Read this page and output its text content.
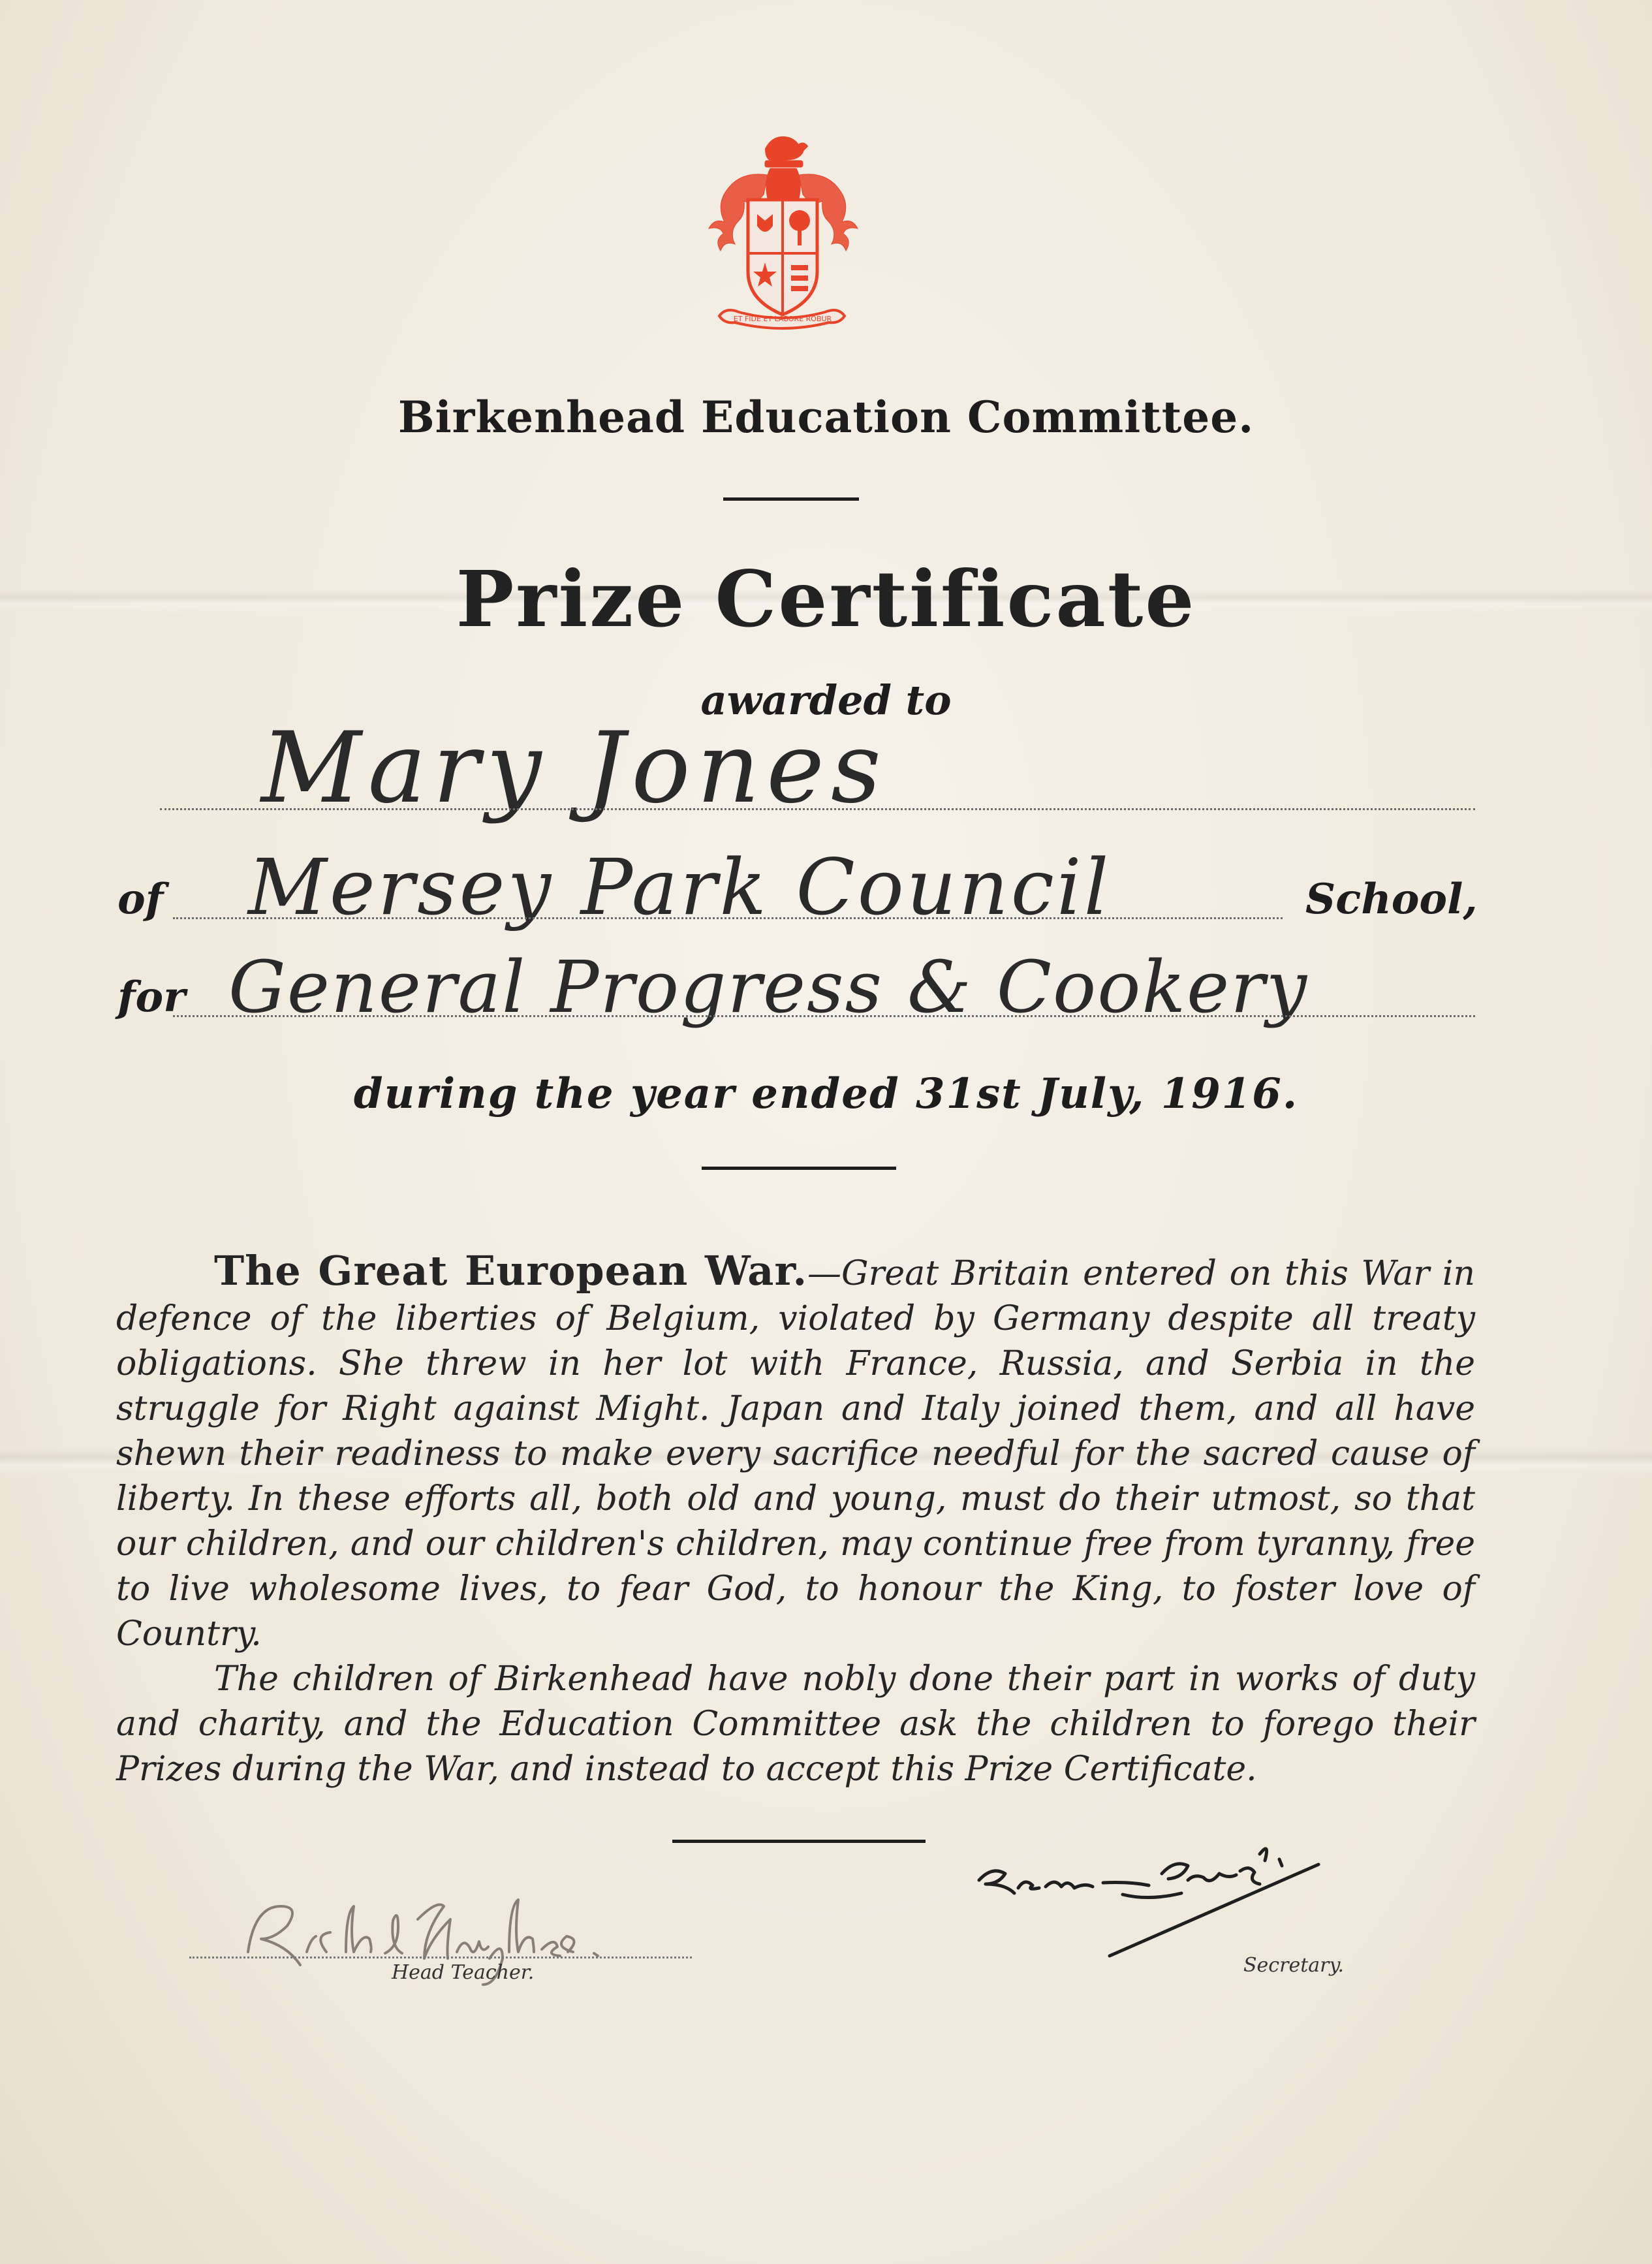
ET FIDE ET LABORE ROBUR
Birkenhead Education Committee.
Prize Certificate
awarded to
Mary Jones
of Mersey Park Council	School,
for General Progress & Cookery
during the year ended 31st July, 1916.

The Great European War.—Great Britain entered on this War in defence of the liberties of Belgium, violated by Germany despite all treaty obligations. She threw in her lot with France, Russia, and Serbia in the struggle for Right against Might. Japan and Italy joined them, and all have shewn their readiness to make every sacrifice needful for the sacred cause of liberty. In these efforts all, both old and young, must do their utmost, so that our children, and our children's children, may continue free from tyranny, free to live wholesome lives, to fear God, to honour the King, to foster love of Country.

The children of Birkenhead have nobly done their part in works of duty and charity, and the Education Committee ask the children to forego their Prizes during the War, and instead to accept this Prize Certificate.

Head Teacher.	Secretary.
